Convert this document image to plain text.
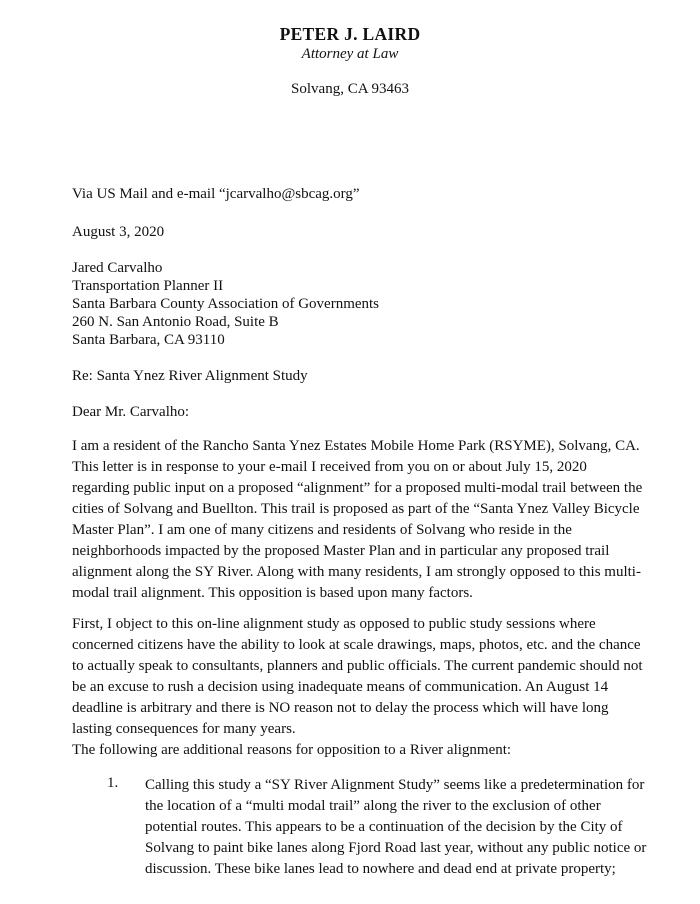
PETER J. LAIRD
Attorney at Law
Solvang, CA 93463
Via US Mail and e-mail “jcarvalho@sbcag.org”
August 3, 2020
Jared Carvalho
Transportation Planner II
Santa Barbara County Association of Governments
260 N. San Antonio Road, Suite B
Santa Barbara, CA 93110
Re: Santa Ynez River Alignment Study
Dear Mr. Carvalho:
I am a resident of the Rancho Santa Ynez Estates Mobile Home Park (RSYME), Solvang, CA. This letter is in response to your e-mail I received from you on or about July 15, 2020 regarding public input on a proposed “alignment” for a proposed multi-modal trail between the cities of Solvang and Buellton. This trail is proposed as part of the “Santa Ynez Valley Bicycle Master Plan”. I am one of many citizens and residents of Solvang who reside in the neighborhoods impacted by the proposed Master Plan and in particular any proposed trail alignment along the SY River. Along with many residents, I am strongly opposed to this multi-modal trail alignment. This opposition is based upon many factors.
First, I object to this on-line alignment study as opposed to public study sessions where concerned citizens have the ability to look at scale drawings, maps, photos, etc. and the chance to actually speak to consultants, planners and public officials. The current pandemic should not be an excuse to rush a decision using inadequate means of communication. An August 14 deadline is arbitrary and there is NO reason not to delay the process which will have long lasting consequences for many years.
The following are additional reasons for opposition to a River alignment:
1. Calling this study a “SY River Alignment Study” seems like a predetermination for the location of a “multi modal trail” along the river to the exclusion of other potential routes. This appears to be a continuation of the decision by the City of Solvang to paint bike lanes along Fjord Road last year, without any public notice or discussion. These bike lanes lead to nowhere and dead end at private property;
